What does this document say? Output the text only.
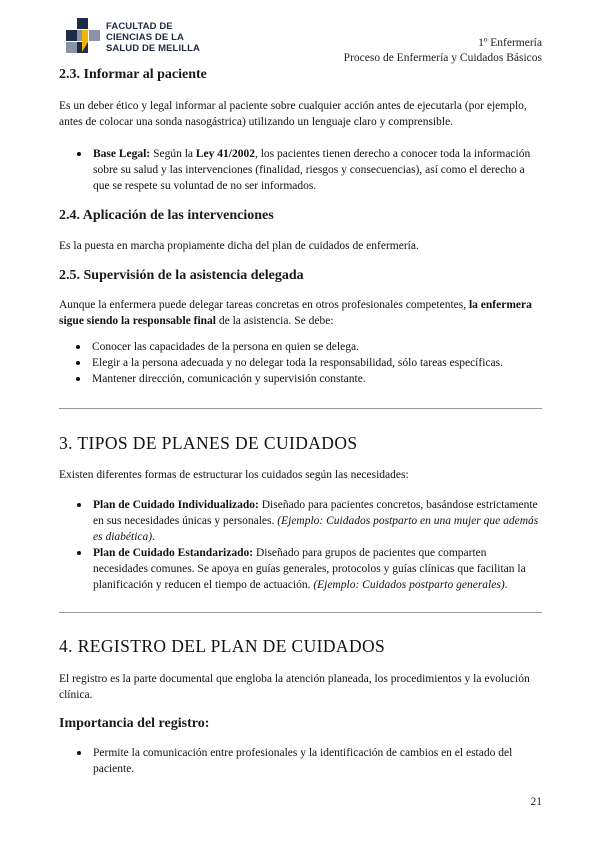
FACULTAD DE
CIENCIAS DE LA
SALUD DE MELILLA	1º Enfermería
Proceso de Enfermería y Cuidados Básicos
2.3. Informar al paciente

Es un deber ético y legal informar al paciente sobre cualquier acción antes de ejecutarla (por ejemplo, antes de colocar una sonda nasogástrica) utilizando un lenguaje claro y comprensible.

Base Legal: Según la Ley 41/2002, los pacientes tienen derecho a conocer toda la información sobre su salud y las intervenciones (finalidad, riesgos y consecuencias), así como el derecho a que se respete su voluntad de no ser informados.
2.4. Aplicación de las intervenciones

Es la puesta en marcha propiamente dicha del plan de cuidados de enfermería.

2.5. Supervisión de la asistencia delegada

Aunque la enfermera puede delegar tareas concretas en otros profesionales competentes, la enfermera sigue siendo la responsable final de la asistencia. Se debe:

Conocer las capacidades de la persona en quien se delega.
Elegir a la persona adecuada y no delegar toda la responsabilidad, sólo tareas específicas.
Mantener dirección, comunicación y supervisión constante.
3. TIPOS DE PLANES DE CUIDADOS

Existen diferentes formas de estructurar los cuidados según las necesidades:

Plan de Cuidado Individualizado: Diseñado para pacientes concretos, basándose estrictamente en sus necesidades únicas y personales. (Ejemplo: Cuidados postparto en una mujer que además es diabética).
Plan de Cuidado Estandarizado: Diseñado para grupos de pacientes que comparten necesidades comunes. Se apoya en guías generales, protocolos y guías clínicas que facilitan la planificación y reducen el tiempo de actuación. (Ejemplo: Cuidados postparto generales).
4. REGISTRO DEL PLAN DE CUIDADOS

El registro es la parte documental que engloba la atención planeada, los procedimientos y la evolución clínica.

Importancia del registro:
Permite la comunicación entre profesionales y la identificación de cambios en el estado del paciente.
21
